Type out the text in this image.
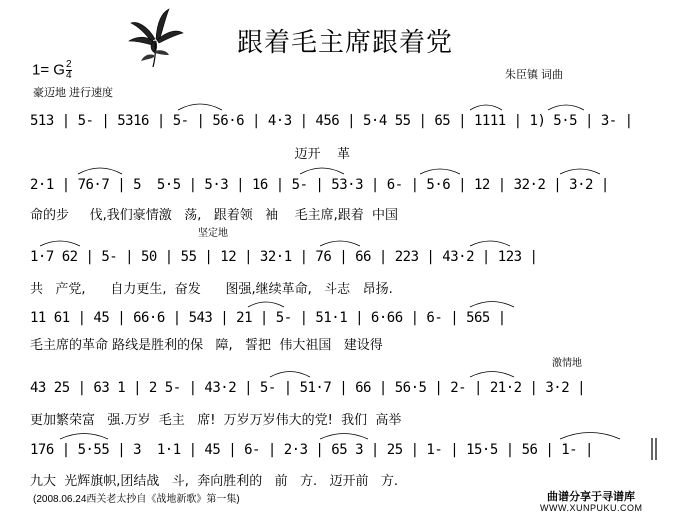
跟着毛主席跟着党
1= G $\frac{2}{4}$	朱臣镇 词曲
豪迈地 进行速度
513 | 5- | 5316 | 5- | 56·6 | 4·3 | 456 | 5·4 55 | 65 | 1111 | 1) 5·5 | 3- |
迈开    革
2·1 | 76·7 | 5  5·5 | 5·3 | 16 | 5- | 53·3 | 6- | 5·6 | 12 | 32·2 | 3·2 |
命的步     伐,我们豪情激   荡,   跟着领   袖    毛主席,跟着  中国
坚定地
1·7 62 | 5- | 50 | 55 | 12 | 32·1 | 76 | 66 | 223 | 43·2 | 123 |
共   产党,      自力更生,  奋发      图强,继续革命,   斗志   昂扬.
11 61 | 45 | 66·6 | 543 | 21 | 5- | 51·1 | 6·66 | 6- | 565 |
毛主席的革命 路线是胜利的保   障,   誓把  伟大祖国   建设得
激情地
43 25 | 63 1 | 2 5- | 43·2 | 5- | 51·7 | 66 | 56·5 | 2- | 21·2 | 3·2 |
更加繁荣富   强.万岁  毛主   席!  万岁万岁伟大的党!  我们  高举
176 | 5·55 | 3  1·1 | 45 | 6- | 2·3 | 65 3 | 25 | 1- | 15·5 | 56 | 1- |
九大  光辉旗帜,团结战   斗,  奔向胜利的   前   方.   迈开前   方.
(2008.06.24西关老太抄自《战地新歌》第一集)	曲谱分享于寻谱库
WWW.XUNPUKU.COM
